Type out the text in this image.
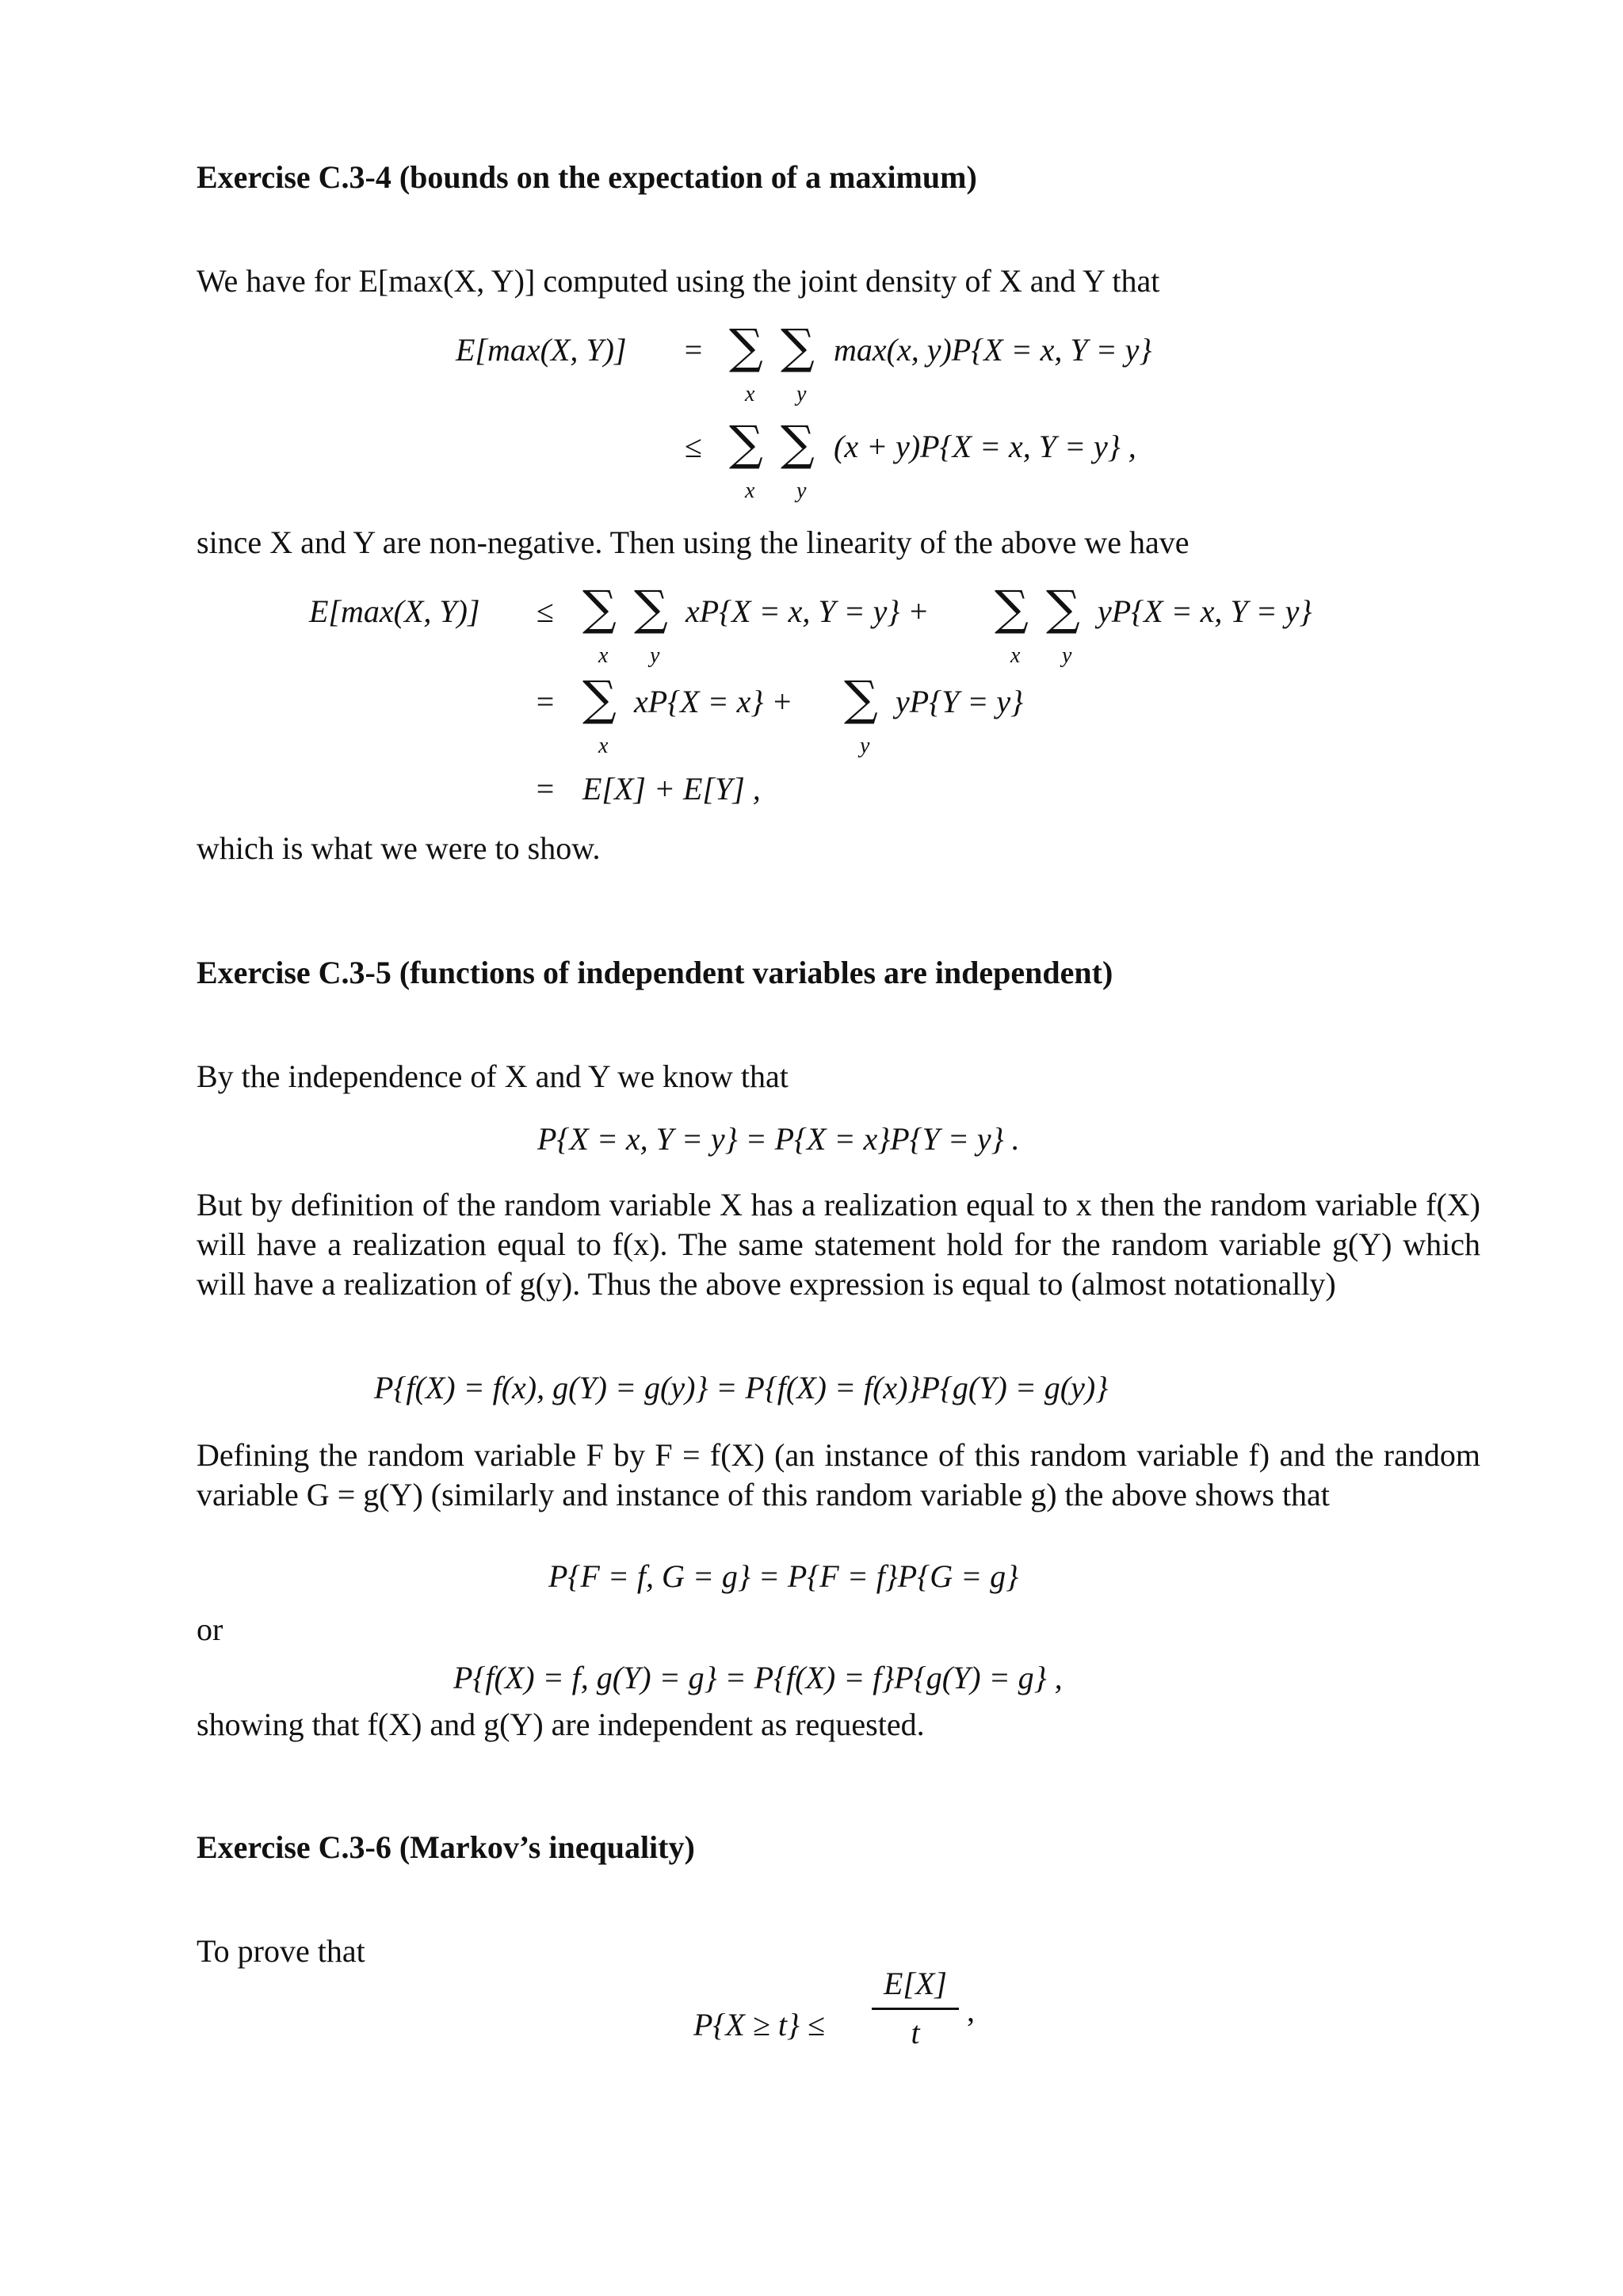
Exercise C.3-4 (bounds on the expectation of a maximum)
We have for E[max(X, Y)] computed using the joint density of X and Y that
E[max(X, Y)] = ∑ ∑
x y
max(x, y)P{X = x, Y = y}
≤ ∑ ∑
x y
(x + y)P{X = x, Y = y} ,
since X and Y are non-negative. Then using the linearity of the above we have
E[max(X, Y)] ≤ ∑ ∑
x y
xP{X = x, Y = y} + ∑ ∑
x y
yP{X = x, Y = y}
= ∑
x
xP{X = x} + ∑
y
yP{Y = y}
= E[X] + E[Y] ,
which is what we were to show.
Exercise C.3-5 (functions of independent variables are independent)
By the independence of X and Y we know that
P{X = x, Y = y} = P{X = x}P{Y = y} .
But by definition of the random variable X has a realization equal to x then the random variable f(X) will have a realization equal to f(x). The same statement hold for the random variable g(Y) which will have a realization of g(y). Thus the above expression is equal to (almost notationally)
P{f(X) = f(x), g(Y) = g(y)} = P{f(X) = f(x)}P{g(Y) = g(y)}
Defining the random variable F by F = f(X) (an instance of this random variable f) and the random variable G = g(Y) (similarly and instance of this random variable g) the above shows that
P{F = f, G = g} = P{F = f}P{G = g}
or
P{f(X) = f, g(Y) = g} = P{f(X) = f}P{g(Y) = g} ,
showing that f(X) and g(Y) are independent as requested.
Exercise C.3-6 (Markov’s inequality)
To prove that
P{X ≥ t} ≤
E[X]
t
,
